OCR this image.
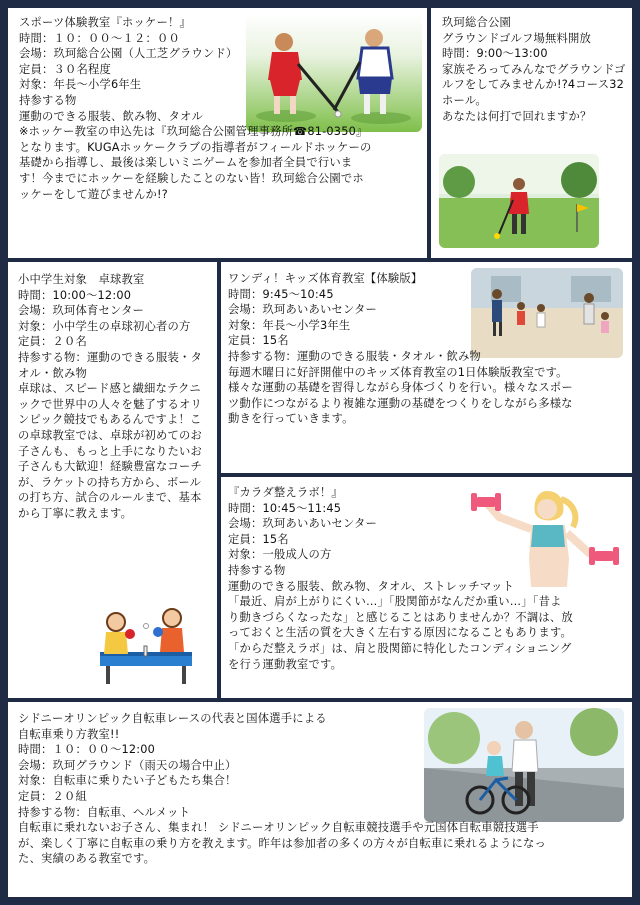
スポーツ体験教室『ホッケー！』
時間：１０：００～１２：００
会場：玖珂総合公園（人工芝グラウンド）
定員：３０名程度
対象：年長～小学6年生
持参する物
運動のできる服装、飲み物、タオル
※ホッケー教室の申込先は『玖珂総合公園管理事務所☎81-0350』
となります。KUGAホッケークラブの指導者がフィールドホッケーの
基礎から指導し、最後は楽しいミニゲームを参加者全員で行いま
す！今までにホッケーを経験したことのない皆！玖珂総合公園でホ
ッケーをして遊びませんか!?
玖珂総合公園
グラウンドゴルフ場無料開放
時間：9:00～13:00
家族そろってみんなでグラウンドゴルフをしてみませんか!?4コース32ホール。
あなたは何打で回れますか？
小中学生対象　卓球教室
時間：10:00～12:00
会場：玖珂体育センター
対象：小中学生の卓球初心者の方
定員：２０名
持参する物：運動のできる服装・タオル・飲み物
卓球は、スピード感と繊細なテクニックで世界中の人々を魅了するオリンピック競技でもあるんですよ！この卓球教室では、卓球が初めてのお子さんも、もっと上手になりたいお子さんも大歓迎！経験豊富なコーチが、ラケットの持ち方から、ボールの打ち方、試合のルールまで、基本から丁寧に教えます。
ワンディ！キッズ体育教室【体験版】
時間：9:45～10:45
会場：玖珂あいあいセンター
対象：年長～小学3年生
定員：15名
持参する物：運動のできる服装・タオル・飲み物
毎週木曜日に好評開催中のキッズ体育教室の1日体験版教室です。
様々な運動の基礎を習得しながら身体づくりを行い。様々なスポー
ツ動作につながるより複雑な運動の基礎をつくりをしながら多様な
動きを行っていきます。
『カラダ整えラボ！』
時間：10:45～11:45
会場：玖珂あいあいセンター
定員：15名
対象：一般成人の方
持参する物
運動のできる服装、飲み物、タオル、ストレッチマット
「最近、肩が上がりにくい…」「股関節がなんだか重い…」「昔よ
り動きづらくなったな」と感じることはありませんか？不調は、放
っておくと生活の質を大きく左右する原因になることもあります。
「からだ整えラボ」は、肩と股関節に特化したコンディショニング
を行う運動教室です。
シドニーオリンピック自転車レースの代表と国体選手による
自転車乗り方教室!!
時間：１０：００～12:00
会場：玖珂グラウンド（雨天の場合中止）
対象：自転車に乗りたい子どもたち集合！
定員：２０組
持参する物：自転車、ヘルメット
自転車に乗れないお子さん、集まれ！ シドニーオリンピック自転車競技選手や元国体自転車競技選手
が、楽しく丁寧に自転車の乗り方を教えます。昨年は参加者の多くの方々が自転車に乗れるようになっ
た、実績のある教室です。
